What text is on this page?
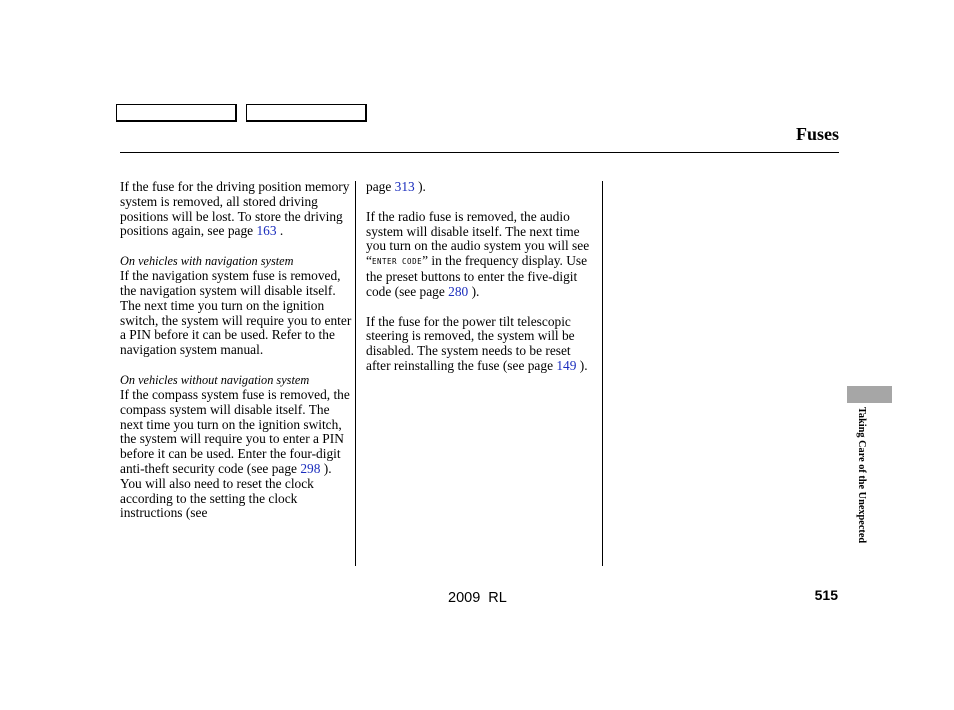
Fuses

If the fuse for the driving position memory system is removed, all stored driving positions will be lost. To store the driving positions again, see page 163 .

On vehicles with navigation system

If the navigation system fuse is removed, the navigation system will disable itself. The next time you turn on the ignition switch, the system will require you to enter a PIN before it can be used. Refer to the navigation system manual.

On vehicles without navigation system

If the compass system fuse is removed, the compass system will disable itself. The next time you turn on the ignition switch, the system will require you to enter a PIN before it can be used. Enter the four-digit anti-theft security code (see page 298 ). You will also need to reset the clock according to the setting the clock instructions (see

page 313 ).

If the radio fuse is removed, the audio system will disable itself. The next time you turn on the audio system you will see “ENTER CODE” in the frequency display. Use the preset buttons to enter the five-digit code (see page 280 ).

If the fuse for the power tilt telescopic steering is removed, the system will be disabled. The system needs to be reset after reinstalling the fuse (see page 149 ).

Taking Care of the Unexpected
515
2009 RL
